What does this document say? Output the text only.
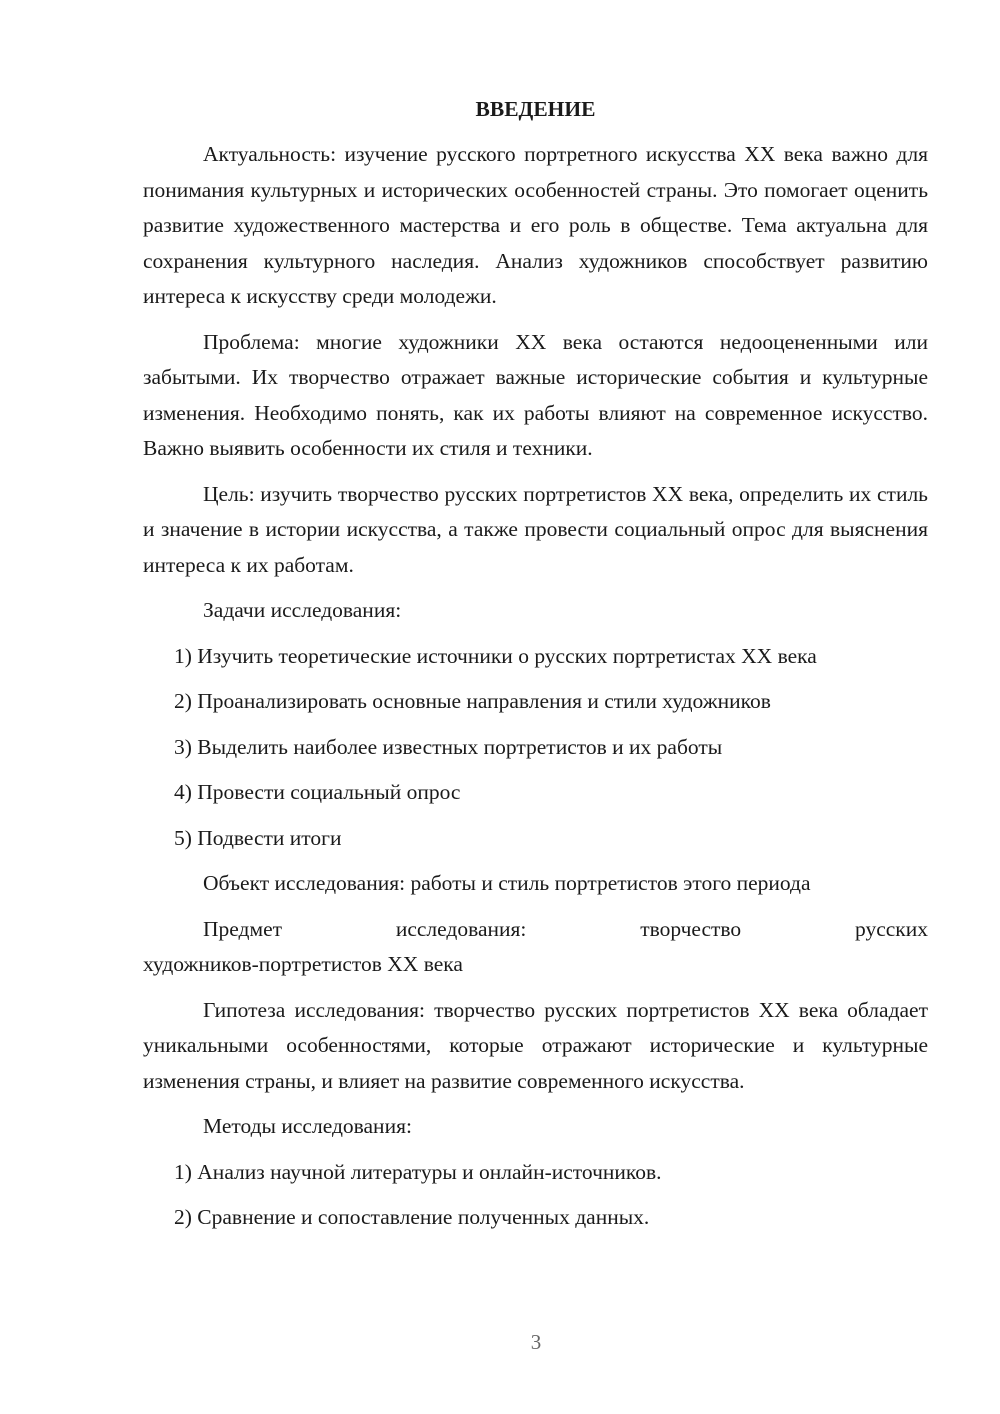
ВВЕДЕНИЕ

Актуальность: изучение русского портретного искусства XX века важно для понимания культурных и исторических особенностей страны. Это помогает оценить развитие художественного мастерства и его роль в обществе. Тема актуальна для сохранения культурного наследия. Анализ художников способствует развитию интереса к искусству среди молодежи.

Проблема: многие художники XX века остаются недооцененными или забытыми. Их творчество отражает важные исторические события и культурные изменения. Необходимо понять, как их работы влияют на современное искусство. Важно выявить особенности их стиля и техники.

Цель: изучить творчество русских портретистов XX века, определить их стиль и значение в истории искусства, а также провести социальный опрос для выяснения интереса к их работам.

Задачи исследования:

1) Изучить теоретические источники о русских портретистах XX века

2) Проанализировать основные направления и стили художников

3) Выделить наиболее известных портретистов и их работы

4) Провести социальный опрос

5) Подвести итоги

Объект исследования: работы и стиль портретистов этого периода

Предмет	исследования:	творчество	русских
художников-портретистов XX века

Гипотеза исследования: творчество русских портретистов XX века обладает уникальными особенностями, которые отражают исторические и культурные изменения страны, и влияет на развитие современного искусства.

Методы исследования:

1) Анализ научной литературы и онлайн-источников.

2) Сравнение и сопоставление полученных данных.

3
